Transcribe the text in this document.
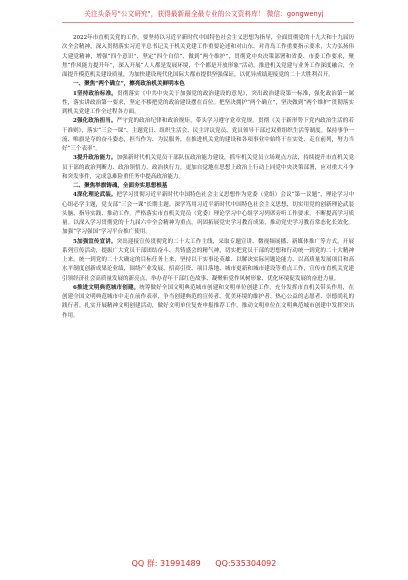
关注头条号"公文研究"，获得最新最全最专业的公文资料库！ 微信：gongwenyj

2022年市直机关党的工作，要坚持以习近平新时代中国特色社会主义思想为指导，全面贯彻党的十九大和十九届历次全会精神，深入贯彻落实习近平总书记关于机关党建工作重要论述和对山东、对青岛工作重要指示要求，大力弘扬伟大建党精神，增强“四个意识”、坚定“四个自信”、做到“两个维护”，贯彻党中央决策部署和省委、市委工作要求，聚焦“作风能力提升年”，深入开展“人人都是发展环境，个个都是开放形象”活动，推进机关党建与业务工作深度融合，全面提升模范机关建设质量，为加快建设现代化国际大都市提供坚强保证，以优异成绩迎接党的二十大胜利召开。

一、聚焦“两个确立”，擦亮政治机关鲜明本色

1坚持政治标准。贯彻落实《中共中央关于加强党的政治建设的意见》，突出政治建设第一标准，强化政治第一属性，落实讲政治第一要求，坚定不移把党的政治建设摆在首位。把坚决拥护“两个确立”，坚决做到“两个维护”贯彻落实到机关党建工作全过程各方面。

2强化政治担当。严守党的政治纪律和政治规矩，带头学习遵守党章党规。贯彻《关于新形势下党内政治生活的若干准则》，落实“三会一课”、主题党日、组织生活会、民主评议党员、党员领导干部过双重组织生活等制度。保持事争一流、唯旗是夺的奋斗姿态，担当作为、为民服务，在推进机关党的建设和各项事业中始终干在实处、走在前列，努力当好“三个表率”。

3提升政治能力。加强新时代机关党员干部队伍政治能力建设，抓牢机关党员立场观点方法，持续提升市直机关党员干部的政治判断力、政治领悟力、政治执行力，更加自觉地在思想上政治上行动上同党中央决策部署，应对重大斗争和突发事件，完成急难险重任务中提高政治能力。

二、聚焦举旗铸魂，全面夯实思想根基

4深化理论武装。把学习贯彻习近平新时代中国特色社会主义思想作为党委（党组）会议“第一议题”，理论学习中心组必学主题，党支部“三会一课”长期主题。深学笃用习近平新时代中国特色社会主义思想，切实用党的创新理论武装头脑、指导实践、推动工作。严格落实市直机关党员（党委）理论学习中心组学习列席旁听工作要求，不断提高学习质量。以深入学习贯彻党的十九届六中全会精神为重点，巩固拓展党史学习教育成果，推动党史学习教育常态化长效化。加强“学习强国”学习平台推广使用。

5加强宣传宣讲。突出迎接宣传贯彻党的二十大工作主线，采取专题宣讲、微视频展播、新媒体推广等方式，开展系列宣传活动，提振广大党员干部团结奋斗、共铸盛会的精气神，切实把党员干部的思想和行动统一到党的二十大精神上来。统一到党的二十大确定的目标任务上来，坚持以干实事论英雄、以解决实际问题论能力、以高质量发展项目和高水平制度创新成果论业绩，围绕产业发展、招商引资、项目落地、城市更新和城市建设等重点工作，宣传市直机关党建引领经济社会高质量发展的新亮点，举办青年干部红色故事、凝聚斩党作风树形象、优化环境促发展的奋进力量。

6推进文明典范城市创建。统筹做好全国文明典范城市创建和文明单位创建工作，充分发挥市直机关带头作用，在创建全国文明典范城市中走在前作表率，争当创建典范的宣传者、优美环境的维护者、热心公益的志愿者、崇德尚礼的践行者。扎实开展精神文明创建活动，做好文明单位复查申报推荐工作，推动文明单位在文明典范城市创建中发挥突出作用。

QQ 群: 31991489 QQ:535304092
